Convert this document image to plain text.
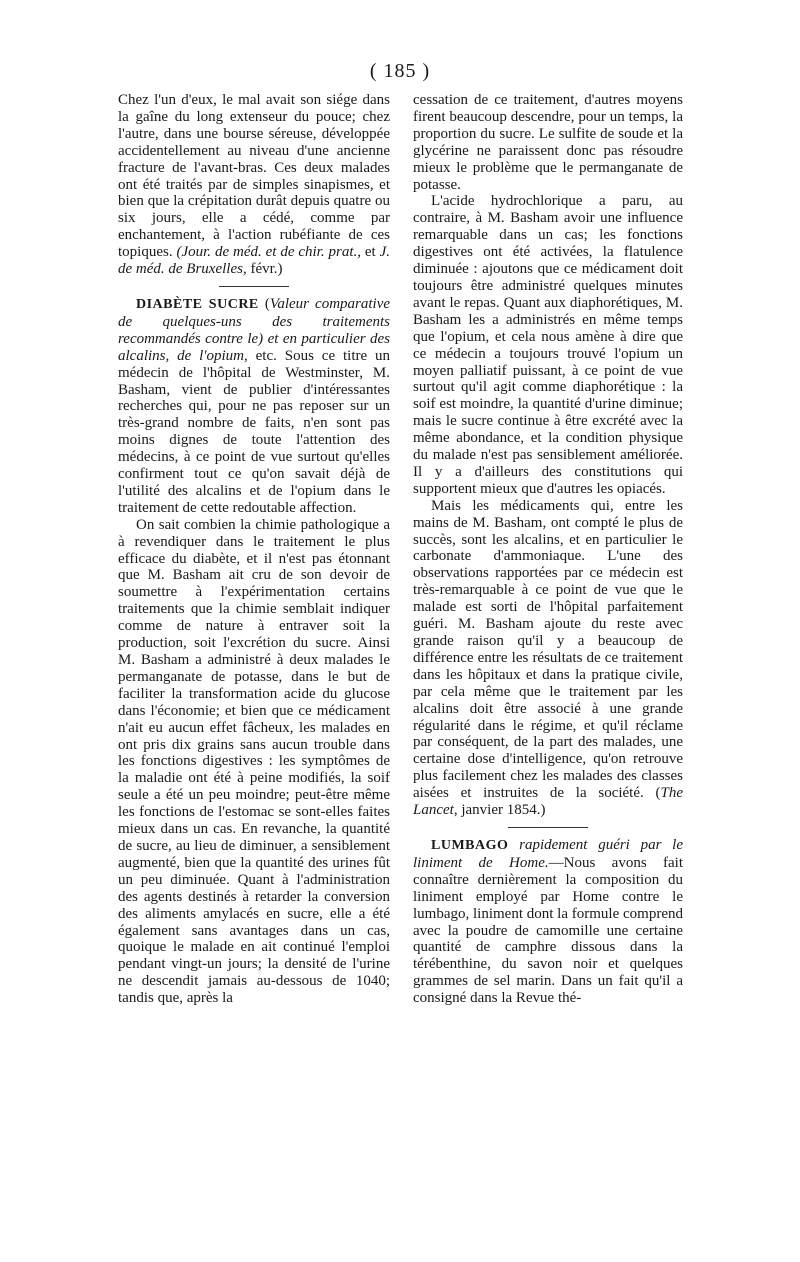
( 185 )

Chez l'un d'eux, le mal avait son siége dans la gaîne du long extenseur du pouce; chez l'autre, dans une bourse séreuse, développée accidentellement au niveau d'une ancienne fracture de l'avant-bras. Ces deux malades ont été traités par de simples sinapismes, et bien que la crépitation durât depuis quatre ou six jours, elle a cédé, comme par enchantement, à l'action rubéfiante de ces topiques. (Jour. de méd. et de chir. prat., et J. de méd. de Bruxelles, févr.)

DIABÈTE SUCRE (Valeur comparative de quelques-uns des traitements recommandés contre le) et en particulier des alcalins, de l'opium, etc. Sous ce titre un médecin de l'hôpital de Westminster, M. Basham, vient de publier d'intéressantes recherches qui, pour ne pas reposer sur un très-grand nombre de faits, n'en sont pas moins dignes de toute l'attention des médecins, à ce point de vue surtout qu'elles confirment tout ce qu'on savait déjà de l'utilité des alcalins et de l'opium dans le traitement de cette redoutable affection.

On sait combien la chimie pathologique a à revendiquer dans le traitement le plus efficace du diabète, et il n'est pas étonnant que M. Basham ait cru de son devoir de soumettre à l'expérimentation certains traitements que la chimie semblait indiquer comme de nature à entraver soit la production, soit l'excrétion du sucre. Ainsi M. Basham a administré à deux malades le permanganate de potasse, dans le but de faciliter la transformation acide du glucose dans l'économie; et bien que ce médicament n'ait eu aucun effet fâcheux, les malades en ont pris dix grains sans aucun trouble dans les fonctions digestives : les symptômes de la maladie ont été à peine modifiés, la soif seule a été un peu moindre; peut-être même les fonctions de l'estomac se sont-elles faites mieux dans un cas. En revanche, la quantité de sucre, au lieu de diminuer, a sensiblement augmenté, bien que la quantité des urines fût un peu diminuée. Quant à l'administration des agents destinés à retarder la conversion des aliments amylacés en sucre, elle a été également sans avantages dans un cas, quoique le malade en ait continué l'emploi pendant vingt-un jours; la densité de l'urine ne descendit jamais au-dessous de 1040; tandis que, après la

cessation de ce traitement, d'autres moyens firent beaucoup descendre, pour un temps, la proportion du sucre. Le sulfite de soude et la glycérine ne paraissent donc pas résoudre mieux le problème que le permanganate de potasse.

L'acide hydrochlorique a paru, au contraire, à M. Basham avoir une influence remarquable dans un cas; les fonctions digestives ont été activées, la flatulence diminuée : ajoutons que ce médicament doit toujours être administré quelques minutes avant le repas. Quant aux diaphorétiques, M. Basham les a administrés en même temps que l'opium, et cela nous amène à dire que ce médecin a toujours trouvé l'opium un moyen palliatif puissant, à ce point de vue surtout qu'il agit comme diaphorétique : la soif est moindre, la quantité d'urine diminue; mais le sucre continue à être excrété avec la même abondance, et la condition physique du malade n'est pas sensiblement améliorée. Il y a d'ailleurs des constitutions qui supportent mieux que d'autres les opiacés.

Mais les médicaments qui, entre les mains de M. Basham, ont compté le plus de succès, sont les alcalins, et en particulier le carbonate d'ammoniaque. L'une des observations rapportées par ce médecin est très-remarquable à ce point de vue que le malade est sorti de l'hôpital parfaitement guéri. M. Basham ajoute du reste avec grande raison qu'il y a beaucoup de différence entre les résultats de ce traitement dans les hôpitaux et dans la pratique civile, par cela même que le traitement par les alcalins doit être associé à une grande régularité dans le régime, et qu'il réclame par conséquent, de la part des malades, une certaine dose d'intelligence, qu'on retrouve plus facilement chez les malades des classes aisées et instruites de la société. (The Lancet, janvier 1854.)

LUMBAGO rapidement guéri par le liniment de Home.—Nous avons fait connaître dernièrement la composition du liniment employé par Home contre le lumbago, liniment dont la formule comprend avec la poudre de camomille une certaine quantité de camphre dissous dans la térébenthine, du savon noir et quelques grammes de sel marin. Dans un fait qu'il a consigné dans la Revue thé-
